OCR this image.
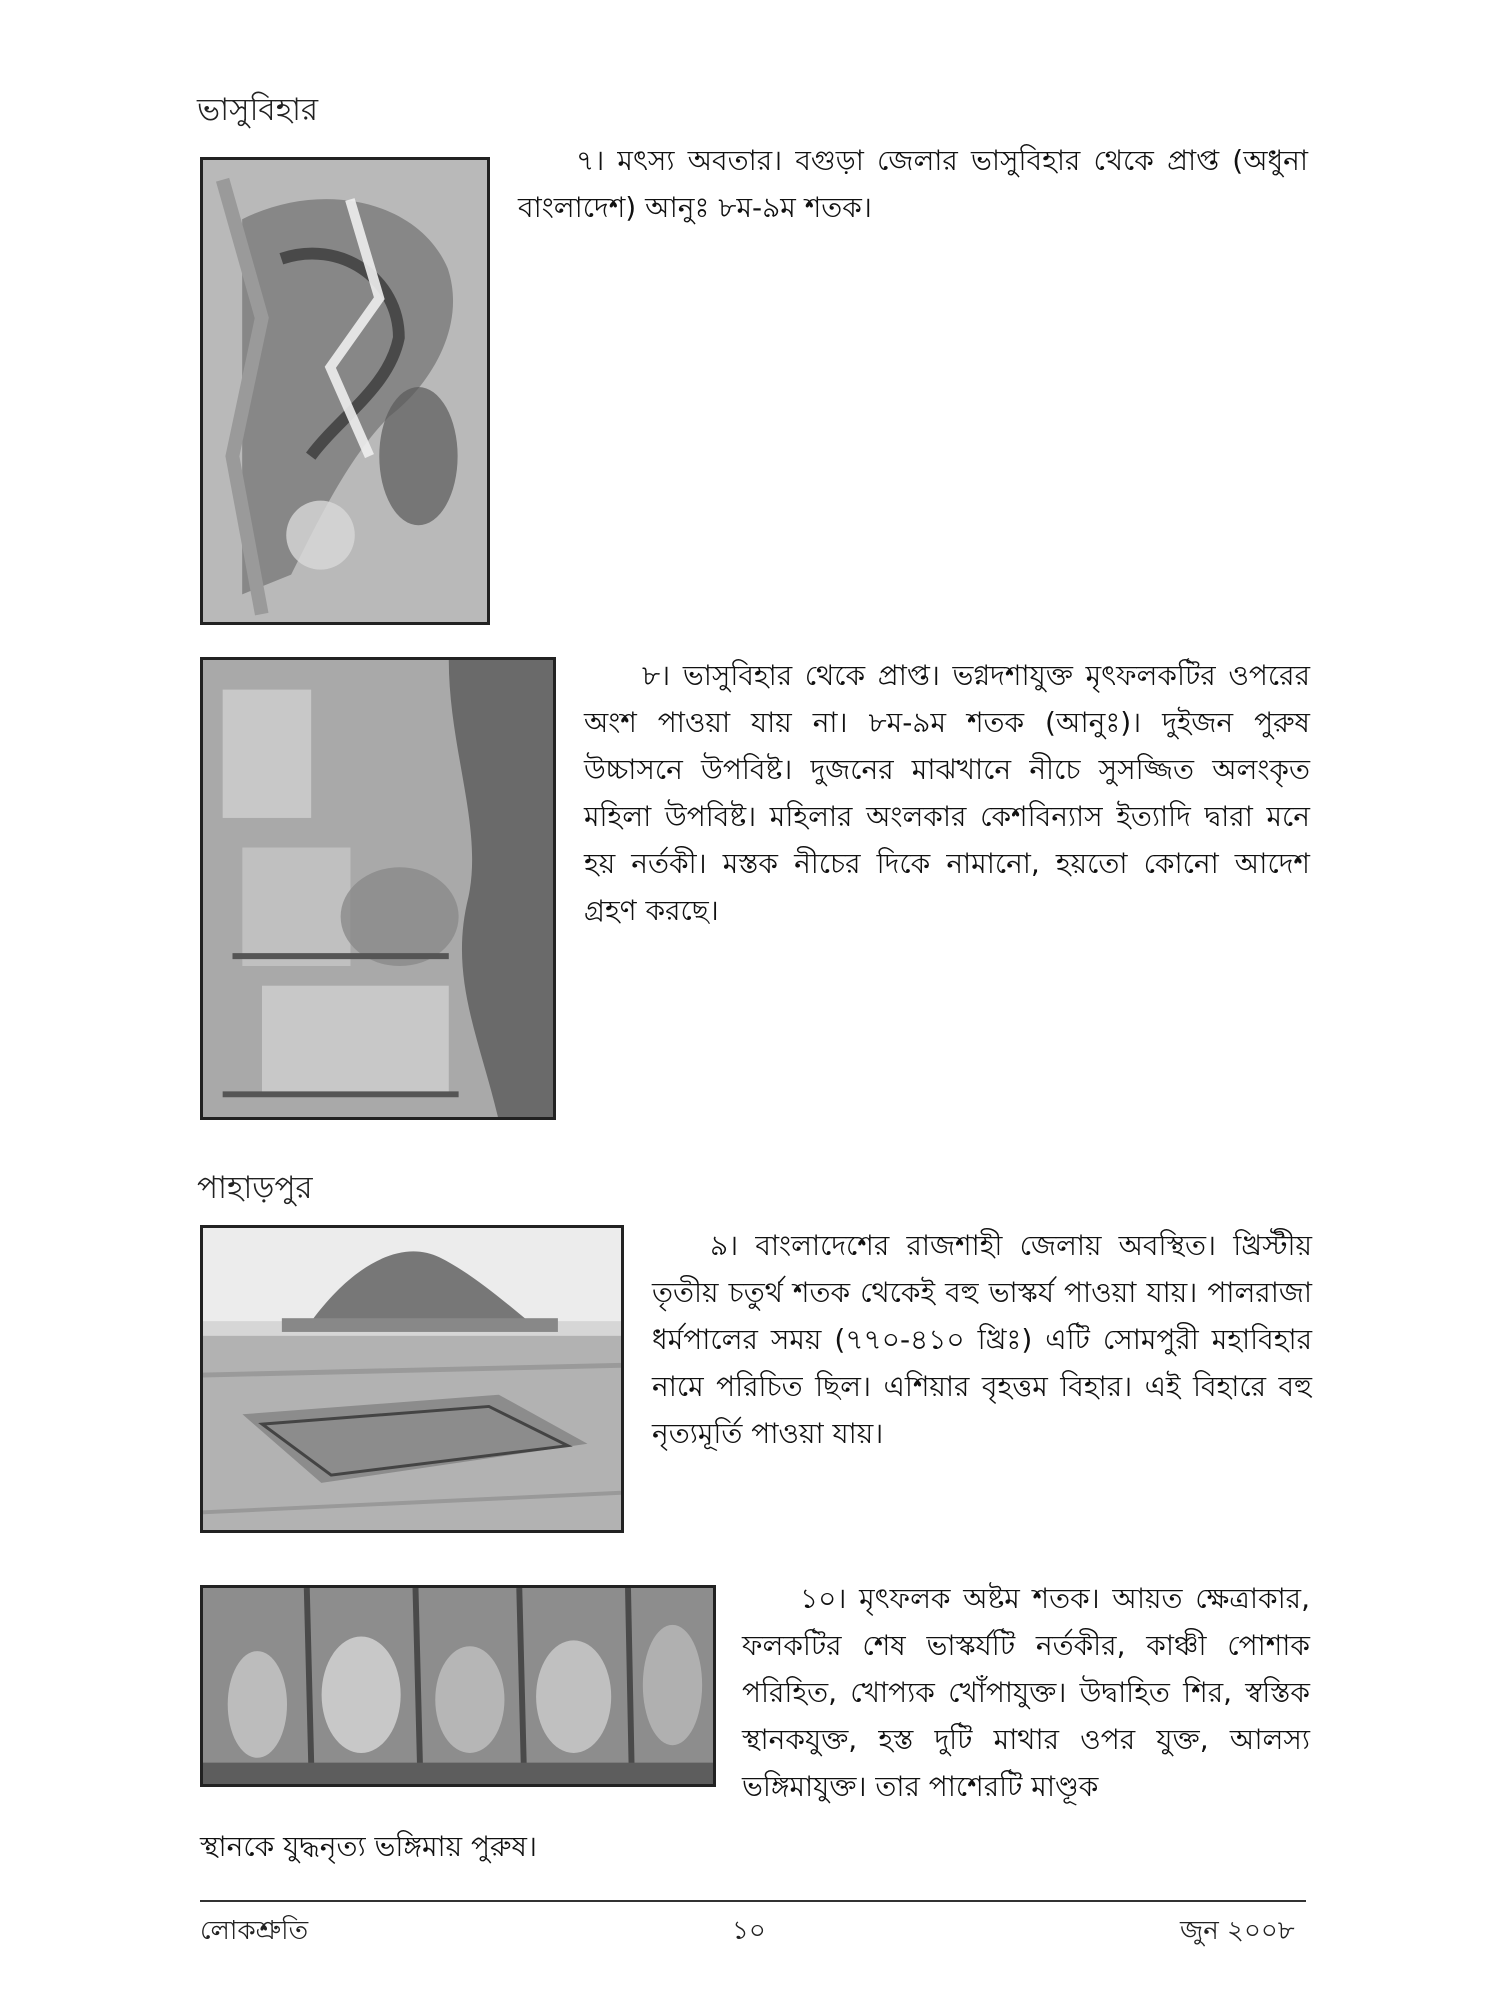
ভাসুবিহার
৭। মৎস্য অবতার। বগুড়া জেলার ভাসুবিহার থেকে প্রাপ্ত (অধুনা বাংলাদেশ) আনুঃ ৮ম-৯ম শতক।
৮। ভাসুবিহার থেকে প্রাপ্ত। ভগ্নদশাযুক্ত মৃৎফলকটির ওপরের অংশ পাওয়া যায় না। ৮ম-৯ম শতক (আনুঃ)। দুইজন পুরুষ উচ্চাসনে উপবিষ্ট। দুজনের মাঝখানে নীচে সুসজ্জিত অলংকৃত মহিলা উপবিষ্ট। মহিলার অংলকার কেশবিন্যাস ইত্যাদি দ্বারা মনে হয় নর্তকী। মস্তক নীচের দিকে নামানো, হয়তো কোনো আদেশ গ্রহণ করছে।
পাহাড়পুর
৯। বাংলাদেশের রাজশাহী জেলায় অবস্থিত। খ্রিস্টীয় তৃতীয় চতুর্থ শতক থেকেই বহু ভাস্কর্য পাওয়া যায়। পালরাজা ধর্মপালের সময় (৭৭০-৪১০ খ্রিঃ) এটি সোমপুরী মহাবিহার নামে পরিচিত ছিল। এশিয়ার বৃহত্তম বিহার। এই বিহারে বহু নৃত্যমূর্তি পাওয়া যায়।
১০। মৃৎফলক অষ্টম শতক। আয়ত ক্ষেত্রাকার, ফলকটির শেষ ভাস্কর্যটি নর্তকীর, কাঞ্চী পোশাক পরিহিত, খোপ্যক খোঁপাযুক্ত। উদ্বাহিত শির, স্বস্তিক স্থানকযুক্ত, হস্ত দুটি মাথার ওপর যুক্ত, আলস্য ভঙ্গিমাযুক্ত। তার পাশেরটি মাণ্ডূক
স্থানকে যুদ্ধনৃত্য ভঙ্গিমায় পুরুষ।
লোকশ্রুতি	১০	জুন ২০০৮
